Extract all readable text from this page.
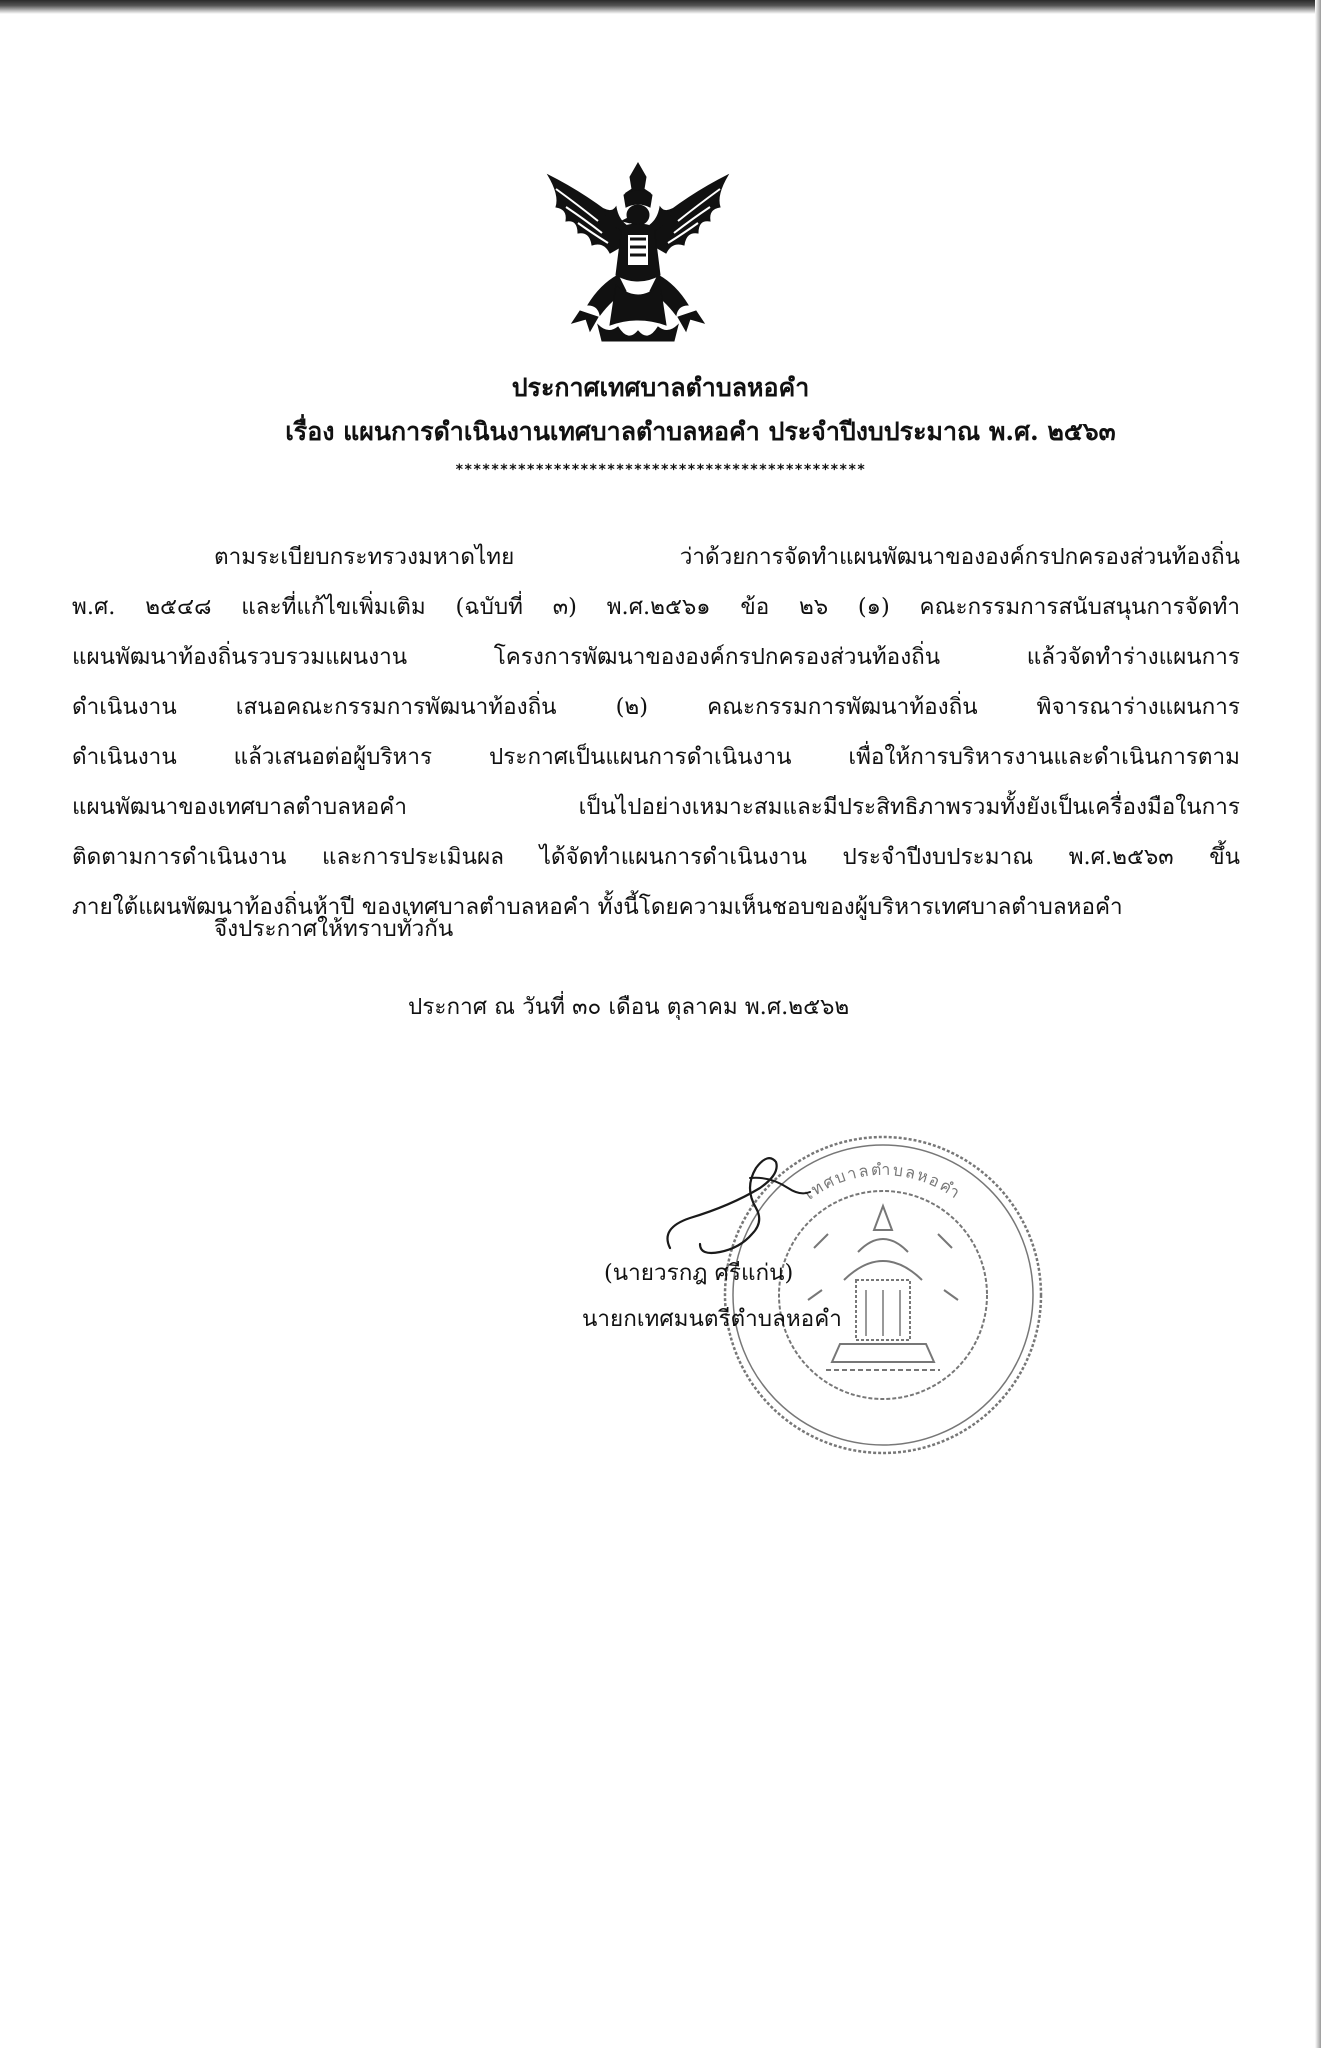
ประกาศเทศบาลตำบลหอคำ
เรื่อง แผนการดำเนินงานเทศบาลตำบลหอคำ ประจำปีงบประมาณ พ.ศ. ๒๕๖๓
**********************************************
ตามระเบียบกระทรวงมหาดไทย ว่าด้วยการจัดทำแผนพัฒนาขององค์กรปกครองส่วนท้องถิ่น
พ.ศ. ๒๕๔๘ และที่แก้ไขเพิ่มเติม (ฉบับที่ ๓) พ.ศ.๒๕๖๑ ข้อ ๒๖ (๑) คณะกรรมการสนับสนุนการจัดทำ
แผนพัฒนาท้องถิ่นรวบรวมแผนงาน โครงการพัฒนาขององค์กรปกครองส่วนท้องถิ่น แล้วจัดทำร่างแผนการ
ดำเนินงาน เสนอคณะกรรมการพัฒนาท้องถิ่น (๒) คณะกรรมการพัฒนาท้องถิ่น พิจารณาร่างแผนการ
ดำเนินงาน แล้วเสนอต่อผู้บริหาร ประกาศเป็นแผนการดำเนินงาน เพื่อให้การบริหารงานและดำเนินการตาม
แผนพัฒนาของเทศบาลตำบลหอคำ เป็นไปอย่างเหมาะสมและมีประสิทธิภาพรวมทั้งยังเป็นเครื่องมือในการ
ติดตามการดำเนินงาน และการประเมินผล ได้จัดทำแผนการดำเนินงาน ประจำปีงบประมาณ พ.ศ.๒๕๖๓ ขึ้น
ภายใต้แผนพัฒนาท้องถิ่นห้าปี ของเทศบาลตำบลหอคำ ทั้งนี้โดยความเห็นชอบของผู้บริหารเทศบาลตำบลหอคำ
จึงประกาศให้ทราบทั่วกัน
ประกาศ ณ วันที่ ๓๐ เดือน ตุลาคม พ.ศ.๒๕๖๒
เทศบาลตำบลหอคำ
(นายวรกฎ ศรีแก่น)
นายกเทศมนตรีตำบลหอคำ
